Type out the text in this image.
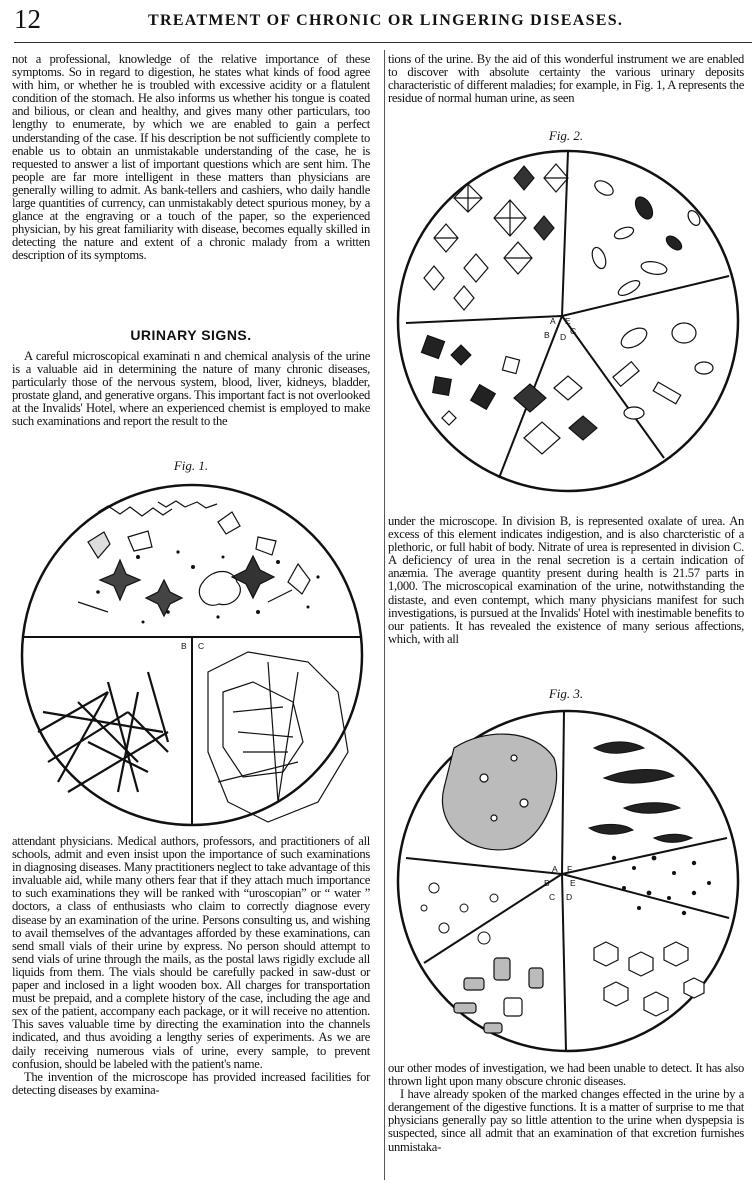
12	TREATMENT OF CHRONIC OR LINGERING DISEASES.

not a professional, knowledge of the relative importance of these symptoms. So in regard to digestion, he states what kinds of food agree with him, or whether he is troubled with excessive acidity or a flatulent condition of the stomach. He also informs us whether his tongue is coated and bilious, or clean and healthy, and gives many other particulars, too lengthy to enumerate, by which we are enabled to gain a perfect understanding of the case. If his description be not sufficiently complete to enable us to obtain an unmistakable understanding of the case, he is requested to answer a list of important questions which are sent him. The people are far more intelligent in these matters than physicians are generally willing to admit. As bank-tellers and cashiers, who daily handle large quantities of currency, can unmistakably detect spurious money, by a glance at the engraving or a touch of the paper, so the experienced physician, by his great familiarity with disease, becomes equally skilled in detecting the nature and extent of a chronic malady from a written description of its symptoms.

URINARY SIGNS.

A careful microscopical examinati n and chemical analysis of the urine is a valuable aid in determining the nature of many chronic diseases, particularly those of the nervous system, blood, liver, kidneys, bladder, prostate gland, and generative organs. This important fact is not overlooked at the Invalids' Hotel, where an experienced chemist is employed to make such examinations and report the result to the

Fig. 1.
B C

attendant physicians. Medical authors, professors, and practitioners of all schools, admit and even insist upon the importance of such examinations in diagnosing diseases. Many practitioners neglect to take advantage of this invaluable aid, while many others fear that if they attach much importance to such examinations they will be ranked with “uroscopian” or “ water ” doctors, a class of enthusiasts who claim to correctly diagnose every disease by an examination of the urine. Persons consulting us, and wishing to avail themselves of the advantages afforded by these examinations, can send small vials of their urine by express. No person should attempt to send vials of urine through the mails, as the postal laws rigidly exclude all liquids from them. The vials should be carefully packed in saw-dust or paper and inclosed in a light wooden box. All charges for transportation must be prepaid, and a complete history of the case, including the age and sex of the patient, accompany each package, or it will receive no attention. This saves valuable time by directing the examination into the channels indicated, and thus avoiding a lengthy series of experiments. As we are daily receiving numerous vials of urine, every sample, to prevent confusion, should be labeled with the patient's name.

The invention of the microscope has provided increased facilities for detecting diseases by examina-

tions of the urine. By the aid of this wonderful instrument we are enabled to discover with absolute certainty the various urinary deposits characteristic of different maladies; for example, in Fig. 1, A represents the residue of normal human urine, as seen

Fig. 2.
A E
B D
C

under the microscope. In division B, is represented oxalate of urea. An excess of this element indicates indigestion, and is also charcteristic of a plethoric, or full habit of body. Nitrate of urea is represented in division C. A deficiency of urea in the renal secretion is a certain indication of anæmia. The average quantity present during health is 21.57 parts in 1,000. The microscopical examination of the urine, notwithstanding the distaste, and even contempt, which many physicians manifest for such investigations, is pursued at the Invalids' Hotel with inestimable benefits to our patients. It has revealed the existence of many serious affections, which, with all

Fig. 3.
A F
B E
C D

our other modes of investigation, we had been unable to detect. It has also thrown light upon many obscure chronic diseases.

I have already spoken of the marked changes effected in the urine by a derangement of the digestive functions. It is a matter of surprise to me that physicians generally pay so little attention to the urine when dyspepsia is suspected, since all admit that an examination of that excretion furnishes unmistaka-
